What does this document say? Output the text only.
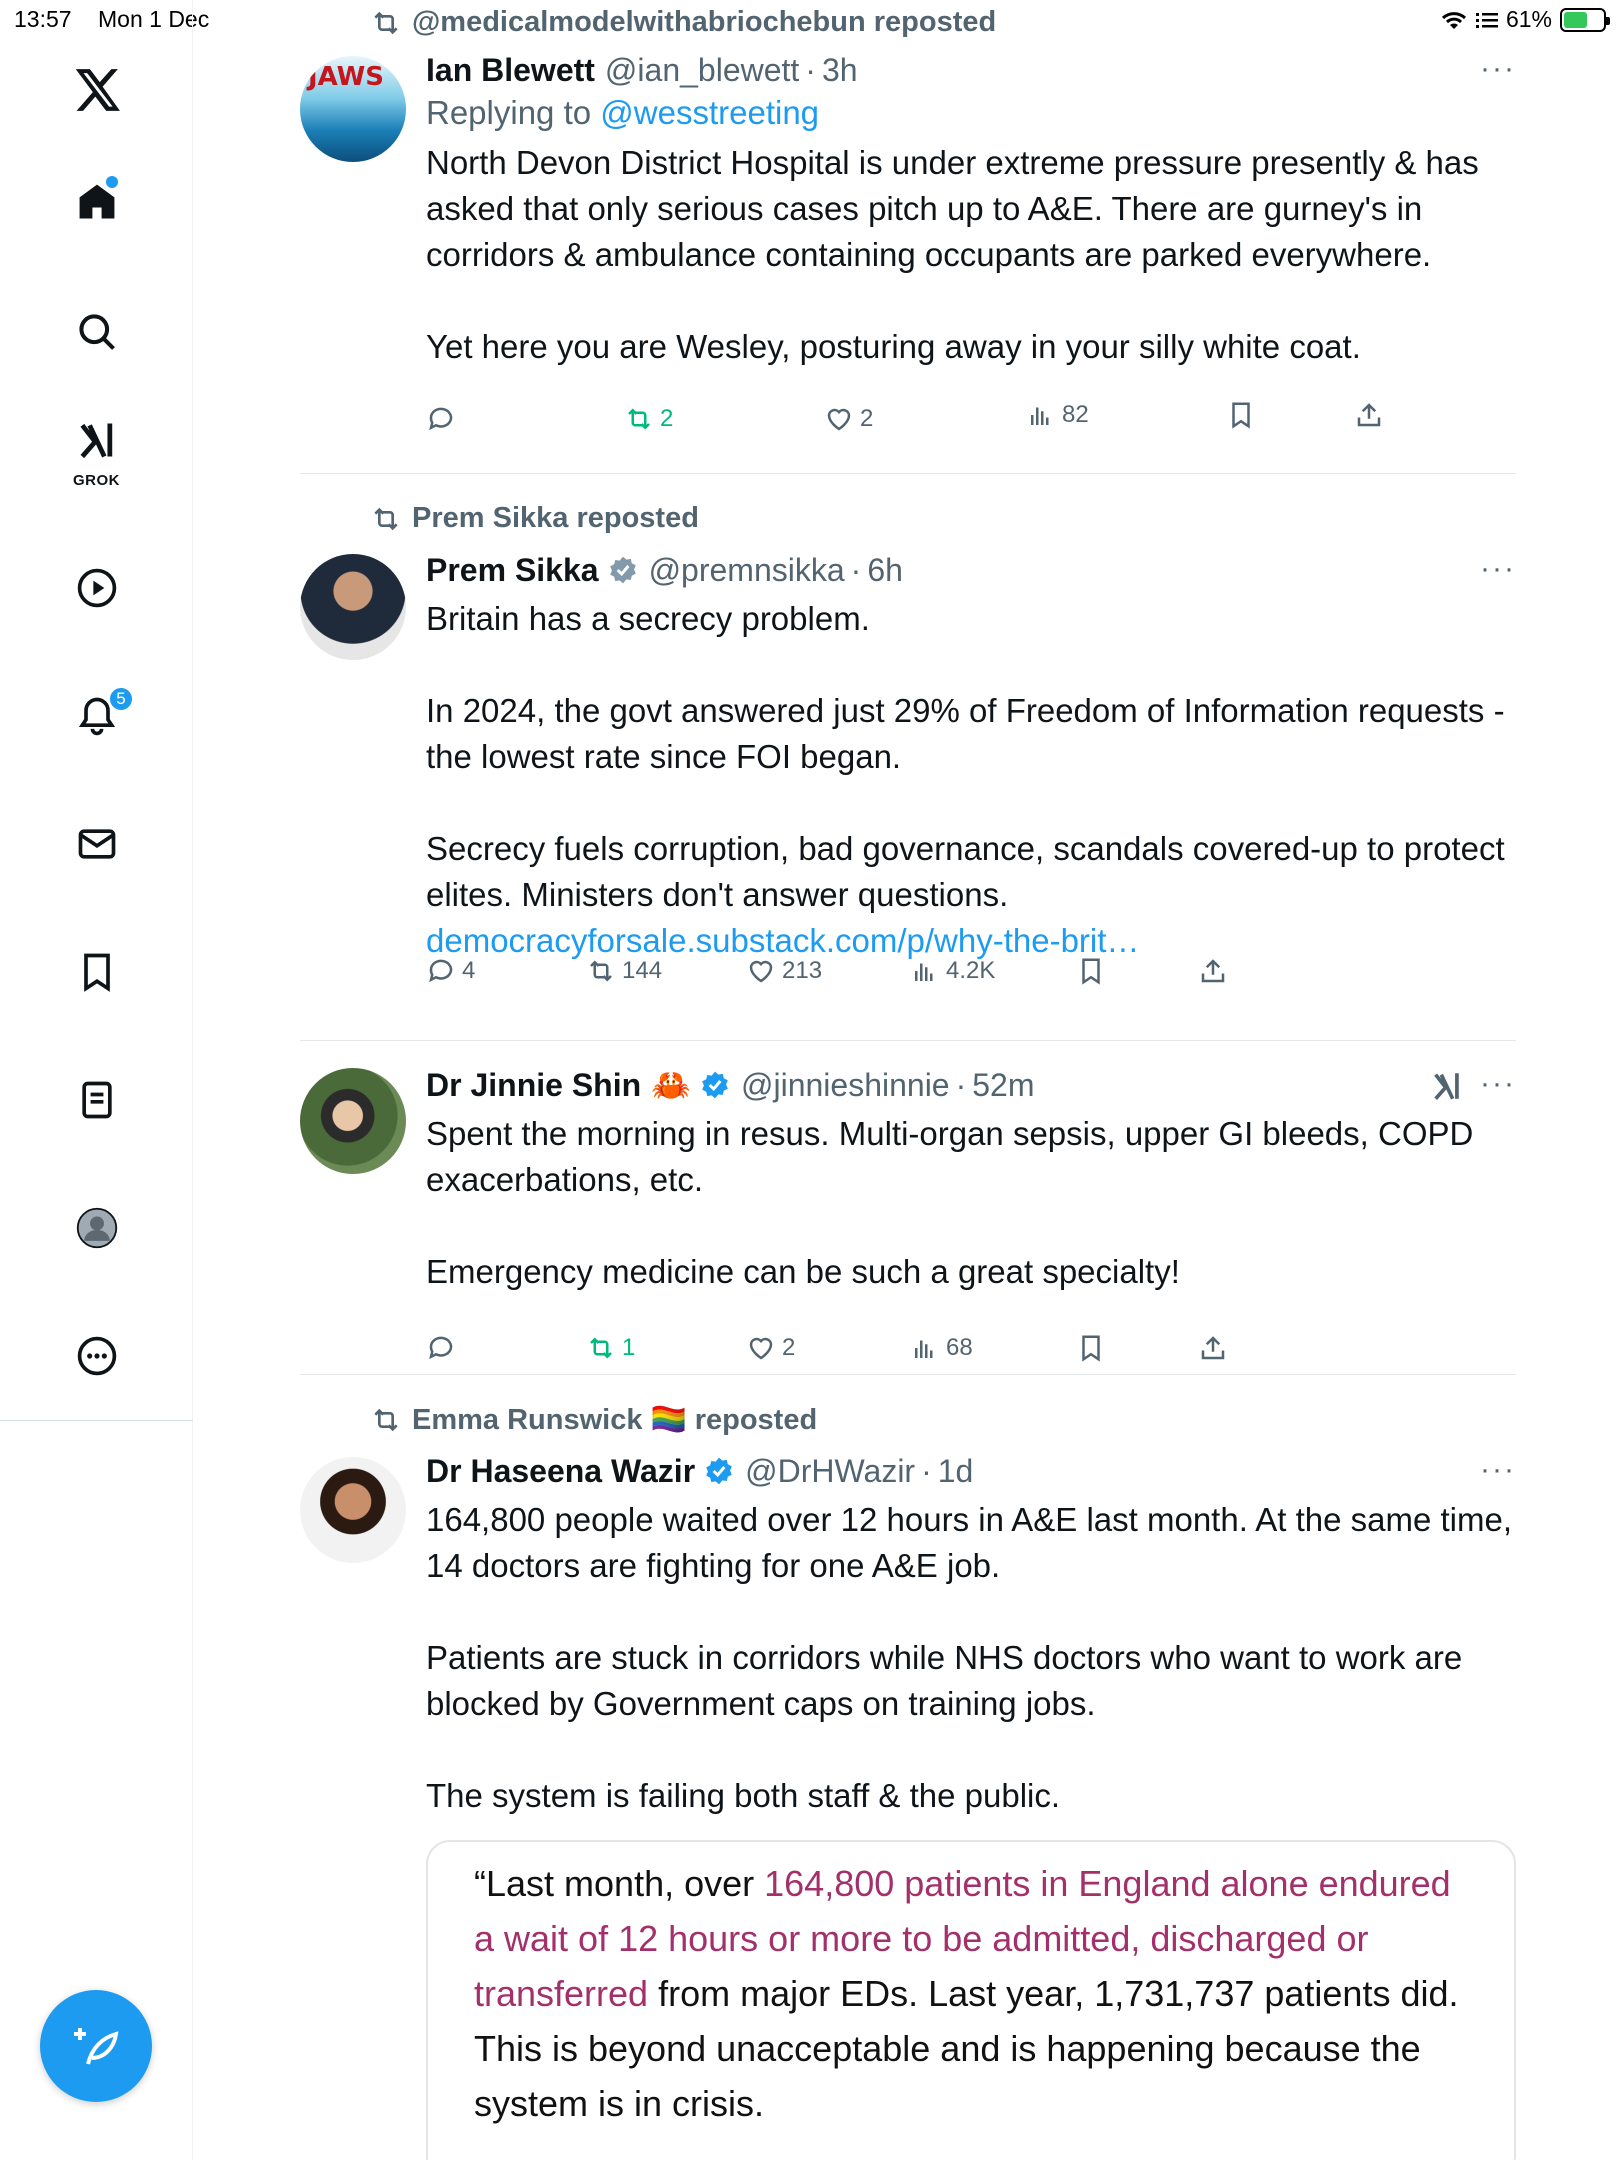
13:57 Mon 1 Dec	61%
GROK
5
@medicalmodelwithabriochebun reposted
JAWS Ian Blewett @ian_blewett · 3h	···
Replying to @wesstreeting
North Devon District Hospital is under extreme pressure presently & has asked that only serious cases pitch up to A&E. There are gurney's in corridors & ambulance containing occupants are parked everywhere.

Yet here you are Wesley, posturing away in your silly white coat.
2	2	82
Prem Sikka reposted
Prem Sikka @premnsikka · 6h	···
Britain has a secrecy problem.

In 2024, the govt answered just 29% of Freedom of Information requests - the lowest rate since FOI began.

Secrecy fuels corruption, bad governance, scandals covered-up to protect elites. Ministers don't answer questions.
democracyforsale.substack.com/p/why-the-brit…
4	144	213	4.2K
Dr Jinnie Shin 🦀 @jinnieshinnie · 52m	···
Spent the morning in resus. Multi-organ sepsis, upper GI bleeds, COPD exacerbations, etc.

Emergency medicine can be such a great specialty!
1	2	68
Emma Runswick 🏳️‍🌈 reposted
Dr Haseena Wazir @DrHWazir · 1d	···
164,800 people waited over 12 hours in A&E last month. At the same time, 14 doctors are fighting for one A&E job.

Patients are stuck in corridors while NHS doctors who want to work are blocked by Government caps on training jobs.

The system is failing both staff & the public.
“Last month, over 164,800 patients in England alone endured a wait of 12 hours or more to be admitted, discharged or transferred from major EDs. Last year, 1,731,737 patients did. This is beyond unacceptable and is happening because the system is in crisis.
